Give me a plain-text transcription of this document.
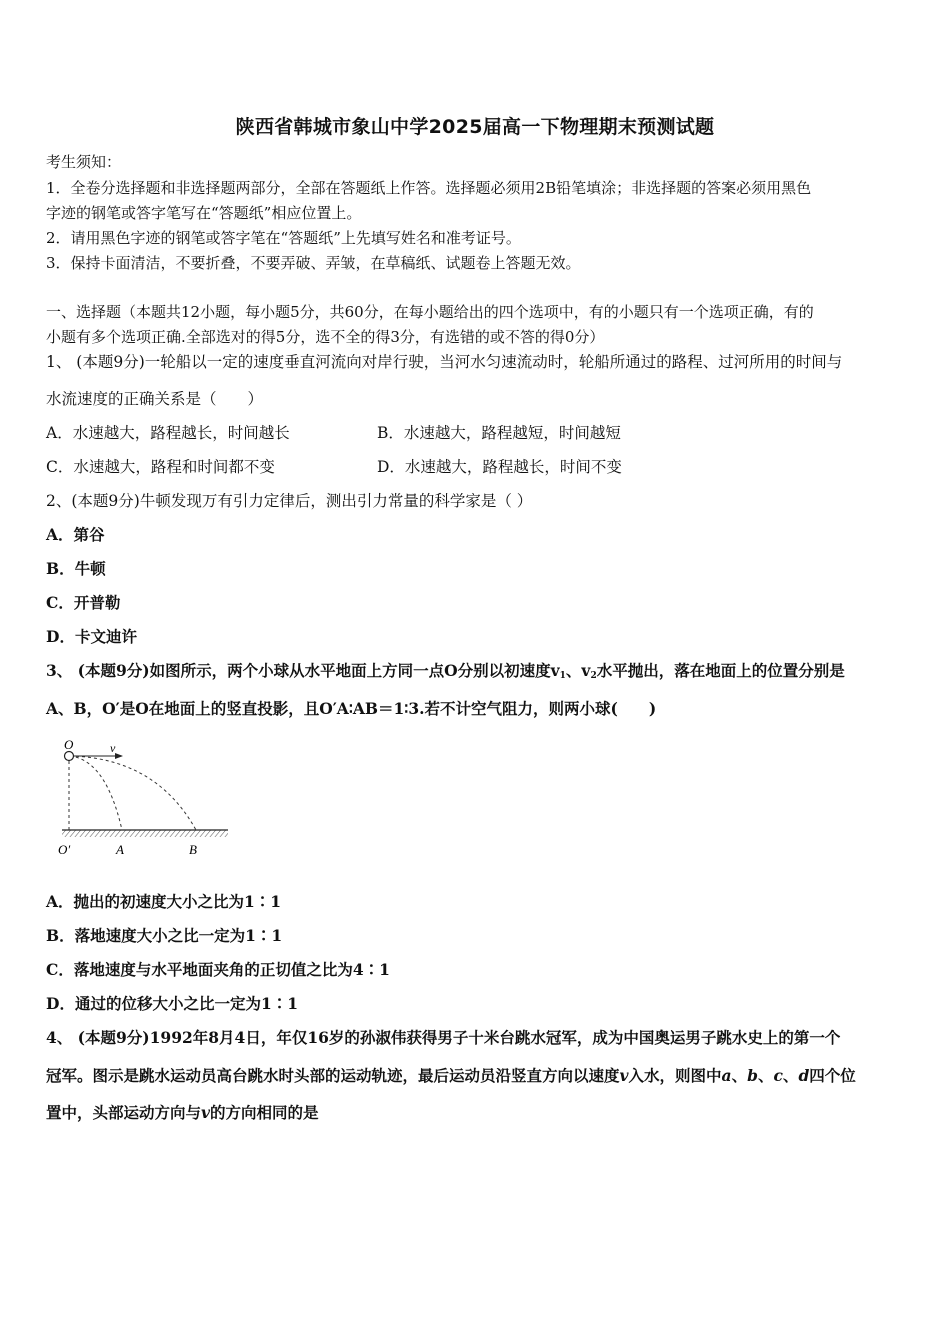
陕西省韩城市象山中学2025届高一下物理期末预测试题
考生须知：
1．全卷分选择题和非选择题两部分，全部在答题纸上作答。选择题必须用2B铅笔填涂；非选择题的答案必须用黑色
字迹的钢笔或答字笔写在“答题纸”相应位置上。
2．请用黑色字迹的钢笔或答字笔在“答题纸”上先填写姓名和准考证号。
3．保持卡面清洁，不要折叠，不要弄破、弄皱，在草稿纸、试题卷上答题无效。
一、选择题（本题共12小题，每小题5分，共60分，在每小题给出的四个选项中，有的小题只有一个选项正确，有的
小题有多个选项正确.全部选对的得5分，选不全的得3分，有选错的或不答的得0分）
1、 (本题9分)一轮船以一定的速度垂直河流向对岸行驶，当河水匀速流动时，轮船所通过的路程、过河所用的时间与
水流速度的正确关系是（　　）
A．水速越大，路程越长，时间越长	B．水速越大，路程越短，时间越短
C．水速越大，路程和时间都不变	D．水速越大，路程越长，时间不变
2、(本题9分)牛顿发现万有引力定律后，测出引力常量的科学家是（ ）
A．第谷
B．牛顿
C．开普勒
D．卡文迪许
3、 (本题9分)如图所示，两个小球从水平地面上方同一点O分别以初速度$v_1$、$v_2$水平抛出，落在地面上的位置分别是
A、B，O′是O在地面上的竖直投影，且O′A∶AB＝1∶3.若不计空气阻力，则两小球(　　)
O	v
O′	A	B
A．抛出的初速度大小之比为1∶1
B．落地速度大小之比一定为1∶1
C．落地速度与水平地面夹角的正切值之比为4∶1
D．通过的位移大小之比一定为1∶1
4、 (本题9分)1992年8月4日，年仅16岁的孙淑伟获得男子十米台跳水冠军，成为中国奥运男子跳水史上的第一个
冠军。图示是跳水运动员高台跳水时头部的运动轨迹，最后运动员沿竖直方向以速度v入水，则图中a、b、c、d四个位
置中，头部运动方向与v的方向相同的是
